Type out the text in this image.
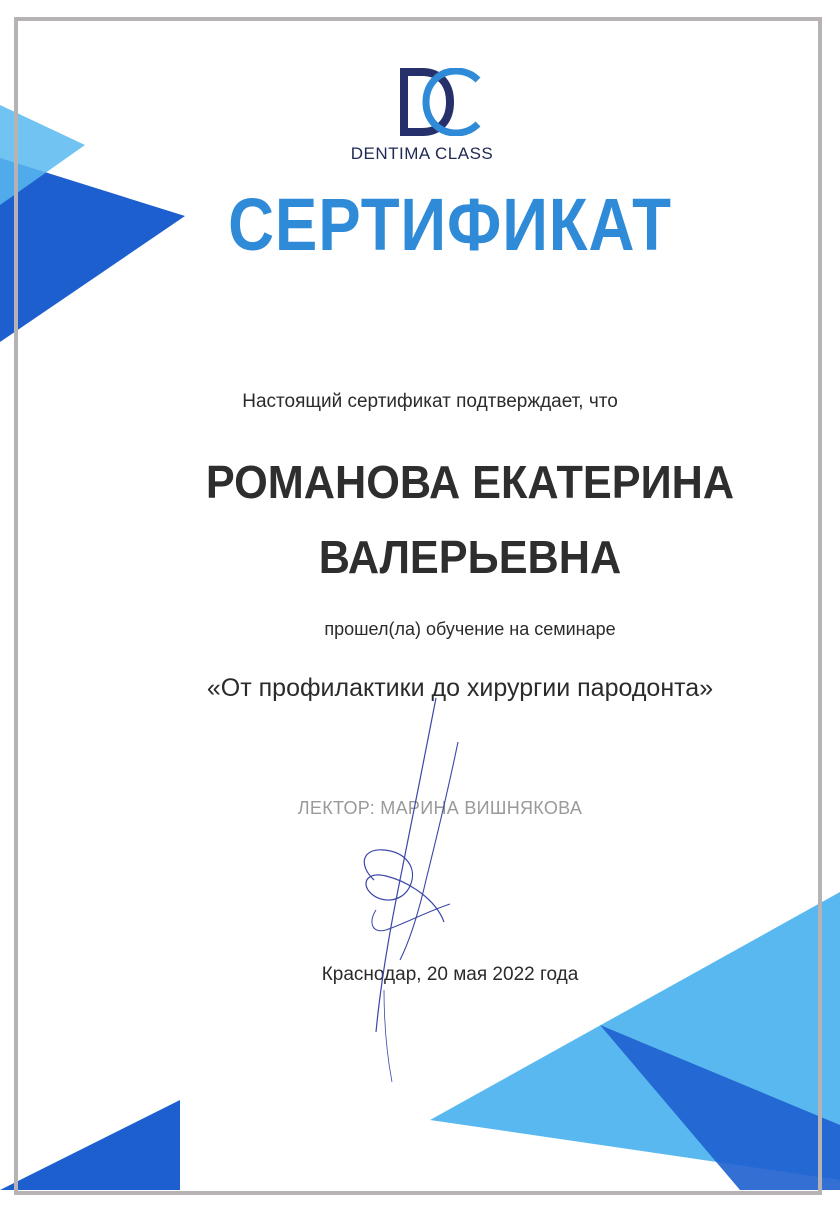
DENTIMA CLASS
СЕРТИФИКАТ
Настоящий сертификат подтверждает, что
РОМАНОВА ЕКАТЕРИНА
ВАЛЕРЬЕВНА
прошел(ла) обучение на семинаре
«От профилактики до хирургии пародонта»
ЛЕКТОР: МАРИНА ВИШНЯКОВА
Краснодар, 20 мая 2022 года
